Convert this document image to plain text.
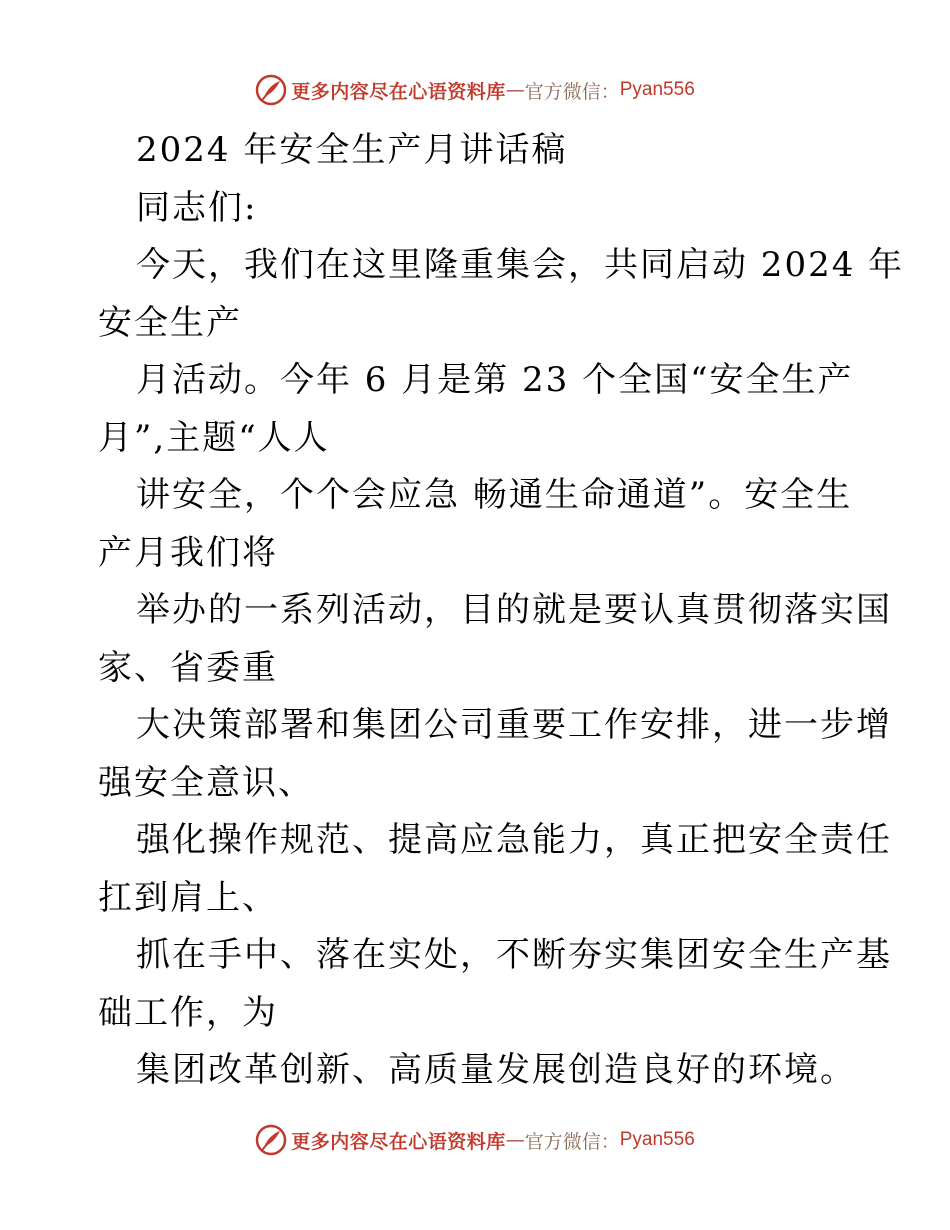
更多内容尽在心语资料库 — 官方微信： Pyan556
2024 年安全生产月讲话稿
同志们:
今天，我们在这里隆重集会，共同启动 2024 年
安全生产
月活动。今年 6 月是第 23 个全国“安全生产
月”,主题“人人
讲安全，个个会应急 畅通生命通道”。安全生
产月我们将
举办的一系列活动，目的就是要认真贯彻落实国
家、省委重
大决策部署和集团公司重要工作安排，进一步增
强安全意识、
强化操作规范、提高应急能力，真正把安全责任
扛到肩上、
抓在手中、落在实处，不断夯实集团安全生产基
础工作，为
集团改革创新、高质量发展创造良好的环境。
更多内容尽在心语资料库 — 官方微信： Pyan556
